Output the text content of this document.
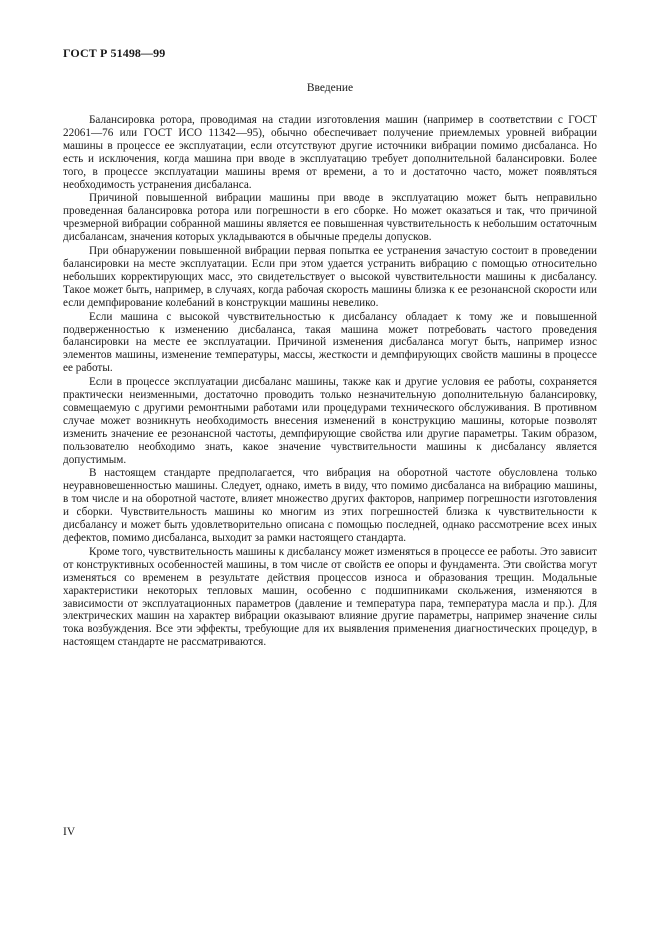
ГОСТ Р 51498—99
Введение

Балансировка ротора, проводимая на стадии изготовления машин (например в соответствии с ГОСТ 22061—76 или ГОСТ ИСО 11342—95), обычно обеспечивает получение приемлемых уровней вибрации машины в процессе ее эксплуатации, если отсутствуют другие источники вибрации помимо дисбаланса. Но есть и исключения, когда машина при вводе в эксплуатацию требует дополнительной балансировки. Более того, в процессе эксплуатации машины время от времени, а то и достаточно часто, может появляться необходимость устранения дисбаланса.

Причиной повышенной вибрации машины при вводе в эксплуатацию может быть неправильно проведенная балансировка ротора или погрешности в его сборке. Но может оказаться и так, что причиной чрезмерной вибрации собранной машины является ее повышенная чувствительность к небольшим остаточным дисбалансам, значения которых укладываются в обычные пределы допусков.

При обнаружении повышенной вибрации первая попытка ее устранения зачастую состоит в проведении балансировки на месте эксплуатации. Если при этом удается устранить вибрацию с помощью относительно небольших корректирующих масс, это свидетельствует о высокой чувствительности машины к дисбалансу. Такое может быть, например, в случаях, когда рабочая скорость машины близка к ее резонансной скорости или если демпфирование колебаний в конструкции машины невелико.

Если машина с высокой чувствительностью к дисбалансу обладает к тому же и повышенной подверженностью к изменению дисбаланса, такая машина может потребовать частого проведения балансировки на месте ее эксплуатации. Причиной изменения дисбаланса могут быть, например износ элементов машины, изменение температуры, массы, жесткости и демпфирующих свойств машины в процессе ее работы.

Если в процессе эксплуатации дисбаланс машины, также как и другие условия ее работы, сохраняется практически неизменными, достаточно проводить только незначительную дополнительную балансировку, совмещаемую с другими ремонтными работами или процедурами технического обслуживания. В противном случае может возникнуть необходимость внесения изменений в конструкцию машины, которые позволят изменить значение ее резонансной частоты, демпфирующие свойства или другие параметры. Таким образом, пользователю необходимо знать, какое значение чувствительности машины к дисбалансу является допустимым.

В настоящем стандарте предполагается, что вибрация на оборотной частоте обусловлена только неуравновешенностью машины. Следует, однако, иметь в виду, что помимо дисбаланса на вибрацию машины, в том числе и на оборотной частоте, влияет множество других факторов, например погрешности изготовления и сборки. Чувствительность машины ко многим из этих погрешностей близка к чувствительности к дисбалансу и может быть удовлетворительно описана с помощью последней, однако рассмотрение всех иных дефектов, помимо дисбаланса, выходит за рамки настоящего стандарта.

Кроме того, чувствительность машины к дисбалансу может изменяться в процессе ее работы. Это зависит от конструктивных особенностей машины, в том числе от свойств ее опоры и фундамента. Эти свойства могут изменяться со временем в результате действия процессов износа и образования трещин. Модальные характеристики некоторых тепловых машин, особенно с подшипниками скольжения, изменяются в зависимости от эксплуатационных параметров (давление и температура пара, температура масла и пр.). Для электрических машин на характер вибрации оказывают влияние другие параметры, например значение силы тока возбуждения. Все эти эффекты, требующие для их выявления применения диагностических процедур, в настоящем стандарте не рассматриваются.

IV
